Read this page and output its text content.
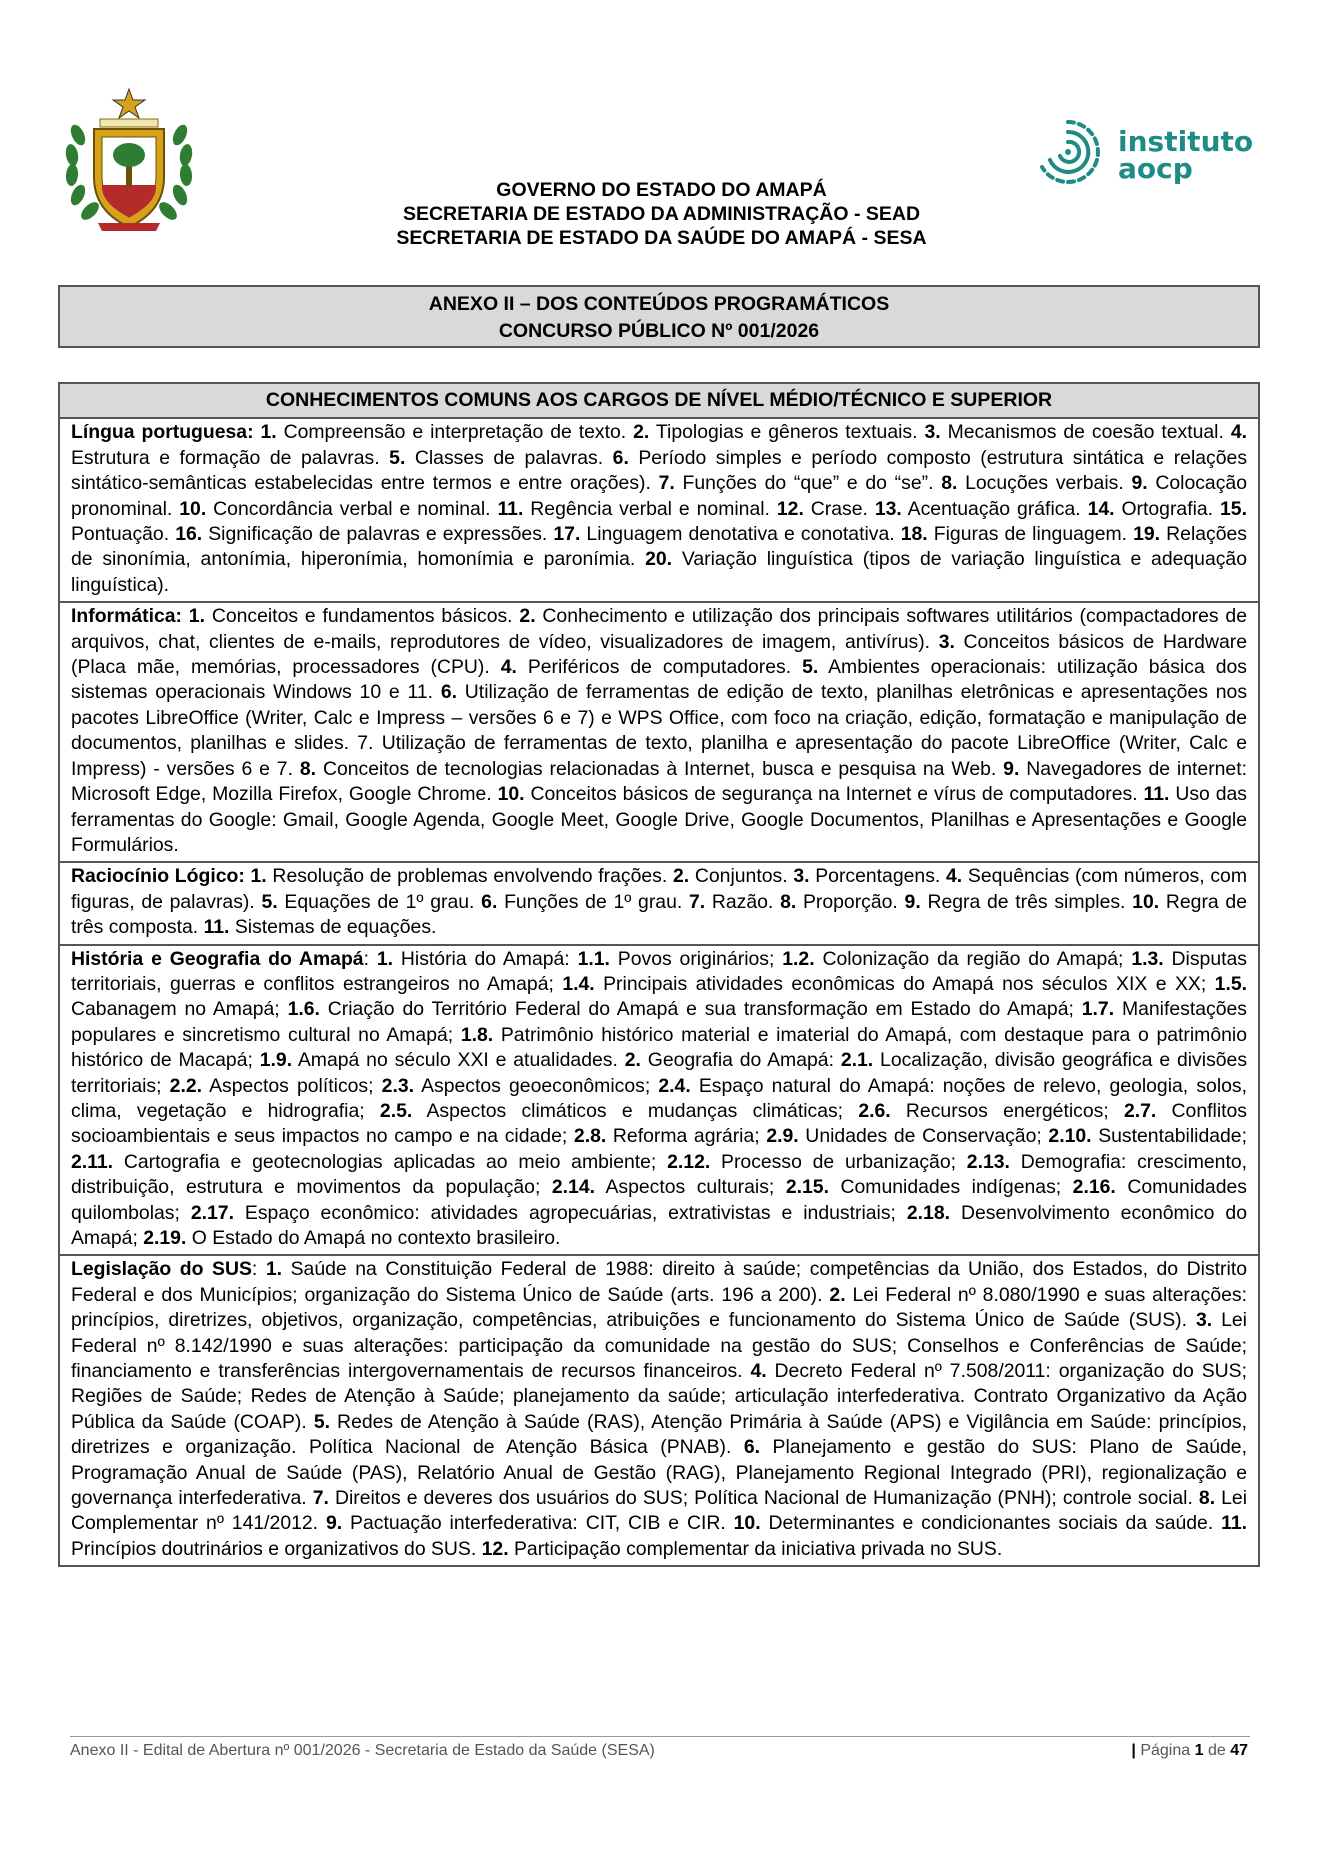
instituto
aocp
GOVERNO DO ESTADO DO AMAPÁ
SECRETARIA DE ESTADO DA ADMINISTRAÇÃO - SEAD
SECRETARIA DE ESTADO DA SAÚDE DO AMAPÁ - SESA
ANEXO II – DOS CONTEÚDOS PROGRAMÁTICOS
CONCURSO PÚBLICO Nº 001/2026
CONHECIMENTOS COMUNS AOS CARGOS DE NÍVEL MÉDIO/TÉCNICO E SUPERIOR
Língua portuguesa: 1. Compreensão e interpretação de texto. 2. Tipologias e gêneros textuais. 3. Mecanismos de coesão textual. 4. Estrutura e formação de palavras. 5. Classes de palavras. 6. Período simples e período composto (estrutura sintática e relações sintático-semânticas estabelecidas entre termos e entre orações). 7. Funções do “que” e do “se”. 8. Locuções verbais. 9. Colocação pronominal. 10. Concordância verbal e nominal. 11. Regência verbal e nominal. 12. Crase. 13. Acentuação gráfica. 14. Ortografia. 15. Pontuação. 16. Significação de palavras e expressões. 17. Linguagem denotativa e conotativa. 18. Figuras de linguagem. 19. Relações de sinonímia, antonímia, hiperonímia, homonímia e paronímia. 20. Variação linguística (tipos de variação linguística e adequação linguística).
Informática: 1. Conceitos e fundamentos básicos. 2. Conhecimento e utilização dos principais softwares utilitários (compactadores de arquivos, chat, clientes de e-mails, reprodutores de vídeo, visualizadores de imagem, antivírus). 3. Conceitos básicos de Hardware (Placa mãe, memórias, processadores (CPU). 4. Periféricos de computadores. 5. Ambientes operacionais: utilização básica dos sistemas operacionais Windows 10 e 11. 6. Utilização de ferramentas de edição de texto, planilhas eletrônicas e apresentações nos pacotes LibreOffice (Writer, Calc e Impress – versões 6 e 7) e WPS Office, com foco na criação, edição, formatação e manipulação de documentos, planilhas e slides. 7. Utilização de ferramentas de texto, planilha e apresentação do pacote LibreOffice (Writer, Calc e Impress) - versões 6 e 7. 8. Conceitos de tecnologias relacionadas à Internet, busca e pesquisa na Web. 9. Navegadores de internet: Microsoft Edge, Mozilla Firefox, Google Chrome. 10. Conceitos básicos de segurança na Internet e vírus de computadores. 11. Uso das ferramentas do Google: Gmail, Google Agenda, Google Meet, Google Drive, Google Documentos, Planilhas e Apresentações e Google Formulários.
Raciocínio Lógico: 1. Resolução de problemas envolvendo frações. 2. Conjuntos. 3. Porcentagens. 4. Sequências (com números, com figuras, de palavras). 5. Equações de 1º grau. 6. Funções de 1º grau. 7. Razão. 8. Proporção. 9. Regra de três simples. 10. Regra de três composta. 11. Sistemas de equações.
História e Geografia do Amapá: 1. História do Amapá: 1.1. Povos originários; 1.2. Colonização da região do Amapá; 1.3. Disputas territoriais, guerras e conflitos estrangeiros no Amapá; 1.4. Principais atividades econômicas do Amapá nos séculos XIX e XX; 1.5. Cabanagem no Amapá; 1.6. Criação do Território Federal do Amapá e sua transformação em Estado do Amapá; 1.7. Manifestações populares e sincretismo cultural no Amapá; 1.8. Patrimônio histórico material e imaterial do Amapá, com destaque para o patrimônio histórico de Macapá; 1.9. Amapá no século XXI e atualidades. 2. Geografia do Amapá: 2.1. Localização, divisão geográfica e divisões territoriais; 2.2. Aspectos políticos; 2.3. Aspectos geoeconômicos; 2.4. Espaço natural do Amapá: noções de relevo, geologia, solos, clima, vegetação e hidrografia; 2.5. Aspectos climáticos e mudanças climáticas; 2.6. Recursos energéticos; 2.7. Conflitos socioambientais e seus impactos no campo e na cidade; 2.8. Reforma agrária; 2.9. Unidades de Conservação; 2.10. Sustentabilidade; 2.11. Cartografia e geotecnologias aplicadas ao meio ambiente; 2.12. Processo de urbanização; 2.13. Demografia: crescimento, distribuição, estrutura e movimentos da população; 2.14. Aspectos culturais; 2.15. Comunidades indígenas; 2.16. Comunidades quilombolas; 2.17. Espaço econômico: atividades agropecuárias, extrativistas e industriais; 2.18. Desenvolvimento econômico do Amapá; 2.19. O Estado do Amapá no contexto brasileiro.
Legislação do SUS: 1. Saúde na Constituição Federal de 1988: direito à saúde; competências da União, dos Estados, do Distrito Federal e dos Municípios; organização do Sistema Único de Saúde (arts. 196 a 200). 2. Lei Federal nº 8.080/1990 e suas alterações: princípios, diretrizes, objetivos, organização, competências, atribuições e funcionamento do Sistema Único de Saúde (SUS). 3. Lei Federal nº 8.142/1990 e suas alterações: participação da comunidade na gestão do SUS; Conselhos e Conferências de Saúde; financiamento e transferências intergovernamentais de recursos financeiros. 4. Decreto Federal nº 7.508/2011: organização do SUS; Regiões de Saúde; Redes de Atenção à Saúde; planejamento da saúde; articulação interfederativa. Contrato Organizativo da Ação Pública da Saúde (COAP). 5. Redes de Atenção à Saúde (RAS), Atenção Primária à Saúde (APS) e Vigilância em Saúde: princípios, diretrizes e organização. Política Nacional de Atenção Básica (PNAB). 6. Planejamento e gestão do SUS: Plano de Saúde, Programação Anual de Saúde (PAS), Relatório Anual de Gestão (RAG), Planejamento Regional Integrado (PRI), regionalização e governança interfederativa. 7. Direitos e deveres dos usuários do SUS; Política Nacional de Humanização (PNH); controle social. 8. Lei Complementar nº 141/2012. 9. Pactuação interfederativa: CIT, CIB e CIR. 10. Determinantes e condicionantes sociais da saúde. 11. Princípios doutrinários e organizativos do SUS. 12. Participação complementar da iniciativa privada no SUS.
Anexo II - Edital de Abertura nº 001/2026 - Secretaria de Estado da Saúde (SESA)	| Página 1 de 47
